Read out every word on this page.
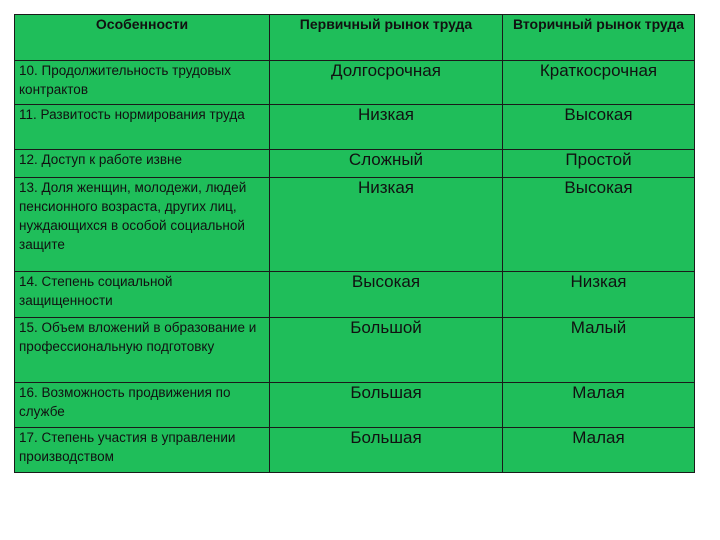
Особенности	Первичный рынок труда	Вторичный рынок труда
10. Продолжительность трудовых контрактов	Долгосрочная	Краткосрочная
11. Развитость нормирования труда	Низкая	Высокая
12. Доступ к работе извне	Сложный	Простой
13. Доля женщин, молодежи, людей пенсионного возраста, других лиц, нуждающихся в особой социальной защите	Низкая	Высокая
14. Степень социальной защищенности	Высокая	Низкая
15. Объем вложений в образование и профессиональную подготовку	Большой	Малый
16. Возможность продвижения по службе	Большая	Малая
17. Степень участия в управлении производством	Большая	Малая
